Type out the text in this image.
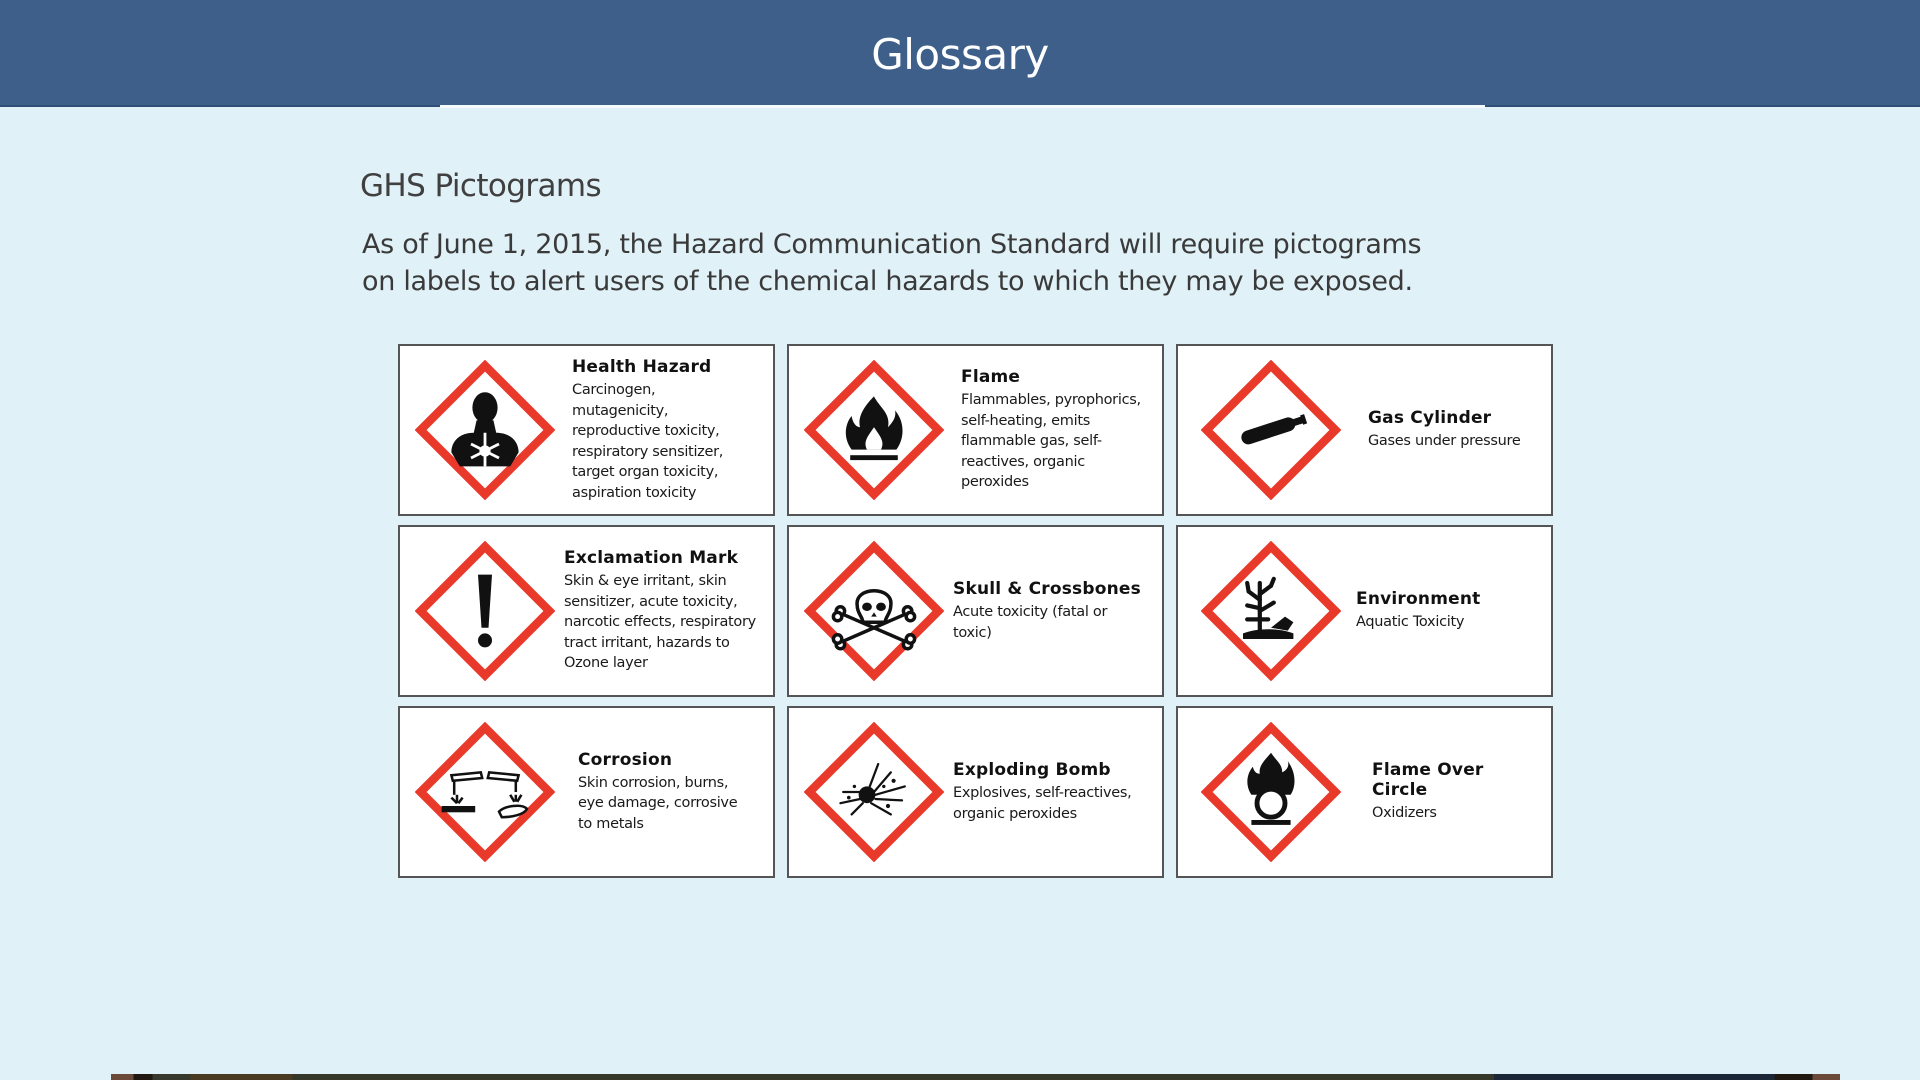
Glossary
GHS Pictograms
As of June 1, 2015, the Hazard Communication Standard will require pictograms
on labels to alert users of the chemical hazards to which they may be exposed.
Health Hazard
Carcinogen, mutagenicity, reproductive toxicity, respiratory sensitizer, target organ toxicity, aspiration toxicity
Flame
Flammables, pyrophorics, self-heating, emits flammable gas, self-reactives, organic peroxides
Gas Cylinder
Gases under pressure
Exclamation Mark
Skin & eye irritant, skin sensitizer, acute toxicity, narcotic effects, respiratory tract irritant, hazards to Ozone layer
Skull & Crossbones
Acute toxicity (fatal or toxic)
Environment
Aquatic Toxicity
Corrosion
Skin corrosion, burns, eye damage, corrosive to metals
Exploding Bomb
Explosives, self-reactives, organic peroxides
Flame Over Circle
Oxidizers
